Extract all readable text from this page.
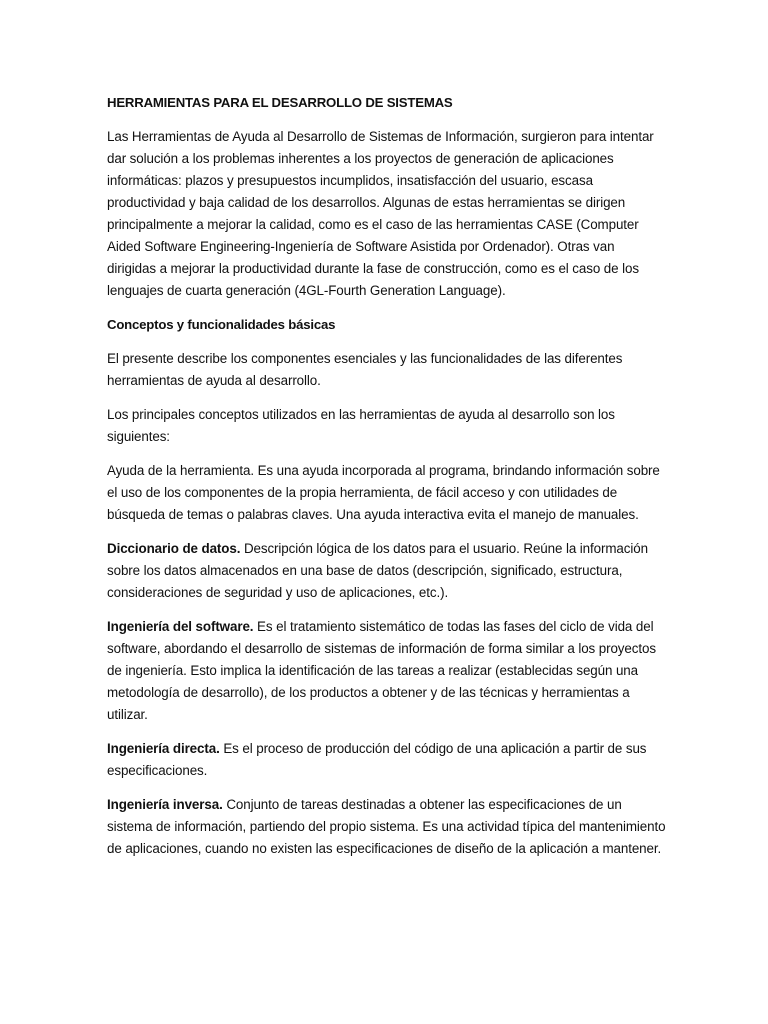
HERRAMIENTAS PARA EL DESARROLLO DE SISTEMAS

Las Herramientas de Ayuda al Desarrollo de Sistemas de Información, surgieron para intentar dar solución a los problemas inherentes a los proyectos de generación de aplicaciones informáticas: plazos y presupuestos incumplidos, insatisfacción del usuario, escasa productividad y baja calidad de los desarrollos. Algunas de estas herramientas se dirigen principalmente a mejorar la calidad, como es el caso de las herramientas CASE (Computer Aided Software Engineering-Ingeniería de Software Asistida por Ordenador). Otras van dirigidas a mejorar la productividad durante la fase de construcción, como es el caso de los lenguajes de cuarta generación (4GL-Fourth Generation Language).

Conceptos y funcionalidades básicas

El presente describe los componentes esenciales y las funcionalidades de las diferentes herramientas de ayuda al desarrollo.

Los principales conceptos utilizados en las herramientas de ayuda al desarrollo son los siguientes:

Ayuda de la herramienta. Es una ayuda incorporada al programa, brindando información sobre el uso de los componentes de la propia herramienta, de fácil acceso y con utilidades de búsqueda de temas o palabras claves. Una ayuda interactiva evita el manejo de manuales.

Diccionario de datos. Descripción lógica de los datos para el usuario. Reúne la información sobre los datos almacenados en una base de datos (descripción, significado, estructura, consideraciones de seguridad y uso de aplicaciones, etc.).

Ingeniería del software. Es el tratamiento sistemático de todas las fases del ciclo de vida del software, abordando el desarrollo de sistemas de información de forma similar a los proyectos de ingeniería. Esto implica la identificación de las tareas a realizar (establecidas según una metodología de desarrollo), de los productos a obtener y de las técnicas y herramientas a utilizar.

Ingeniería directa. Es el proceso de producción del código de una aplicación a partir de sus especificaciones.

Ingeniería inversa. Conjunto de tareas destinadas a obtener las especificaciones de un sistema de información, partiendo del propio sistema. Es una actividad típica del mantenimiento de aplicaciones, cuando no existen las especificaciones de diseño de la aplicación a mantener.
